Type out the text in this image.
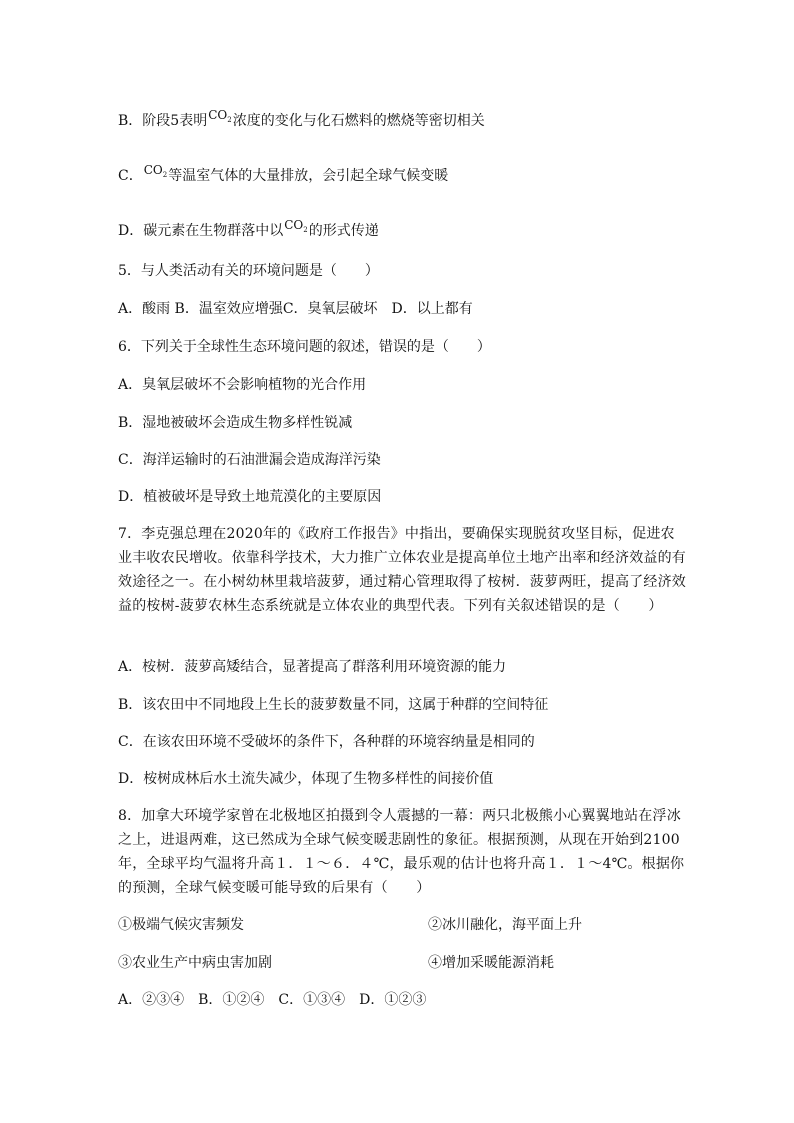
B．阶段5表明$CO_2$浓度的变化与化石燃料的燃烧等密切相关
C．$CO_2$等温室气体的大量排放，会引起全球气候变暖
D．碳元素在生物群落中以$CO_2$的形式传递
5．与人类活动有关的环境问题是（　　）
A．酸雨 B．温室效应增强C．臭氧层破坏　D．以上都有
6．下列关于全球性生态环境问题的叙述，错误的是（　　）
A．臭氧层破坏不会影响植物的光合作用
B．湿地被破坏会造成生物多样性锐减
C．海洋运输时的石油泄漏会造成海洋污染
D．植被破坏是导致土地荒漠化的主要原因
7．李克强总理在2020年的《政府工作报告》中指出，要确保实现脱贫攻坚目标，促进农业丰收农民增收。依靠科学技术，大力推广立体农业是提高单位土地产出率和经济效益的有效途径之一。在小树幼林里栽培菠萝，通过精心管理取得了桉树．菠萝两旺，提高了经济效益的桉树-菠萝农林生态系统就是立体农业的典型代表。下列有关叙述错误的是（　　）
A．桉树．菠萝高矮结合，显著提高了群落利用环境资源的能力
B．该农田中不同地段上生长的菠萝数量不同，这属于种群的空间特征
C．在该农田环境不受破坏的条件下，各种群的环境容纳量是相同的
D．桉树成林后水土流失减少，体现了生物多样性的间接价值
8．加拿大环境学家曾在北极地区拍摄到令人震撼的一幕：两只北极熊小心翼翼地站在浮冰之上，进退两难，这已然成为全球气候变暖悲剧性的象征。根据预测，从现在开始到2100年，全球平均气温将升高１．１～６．４℃，最乐观的估计也将升高１．１～4℃。根据你的预测，全球气候变暖可能导致的后果有（　　）
①极端气候灾害频发	②冰川融化，海平面上升
③农业生产中病虫害加剧	④增加采暖能源消耗
A．②③④　B．①②④　C．①③④　D．①②③
